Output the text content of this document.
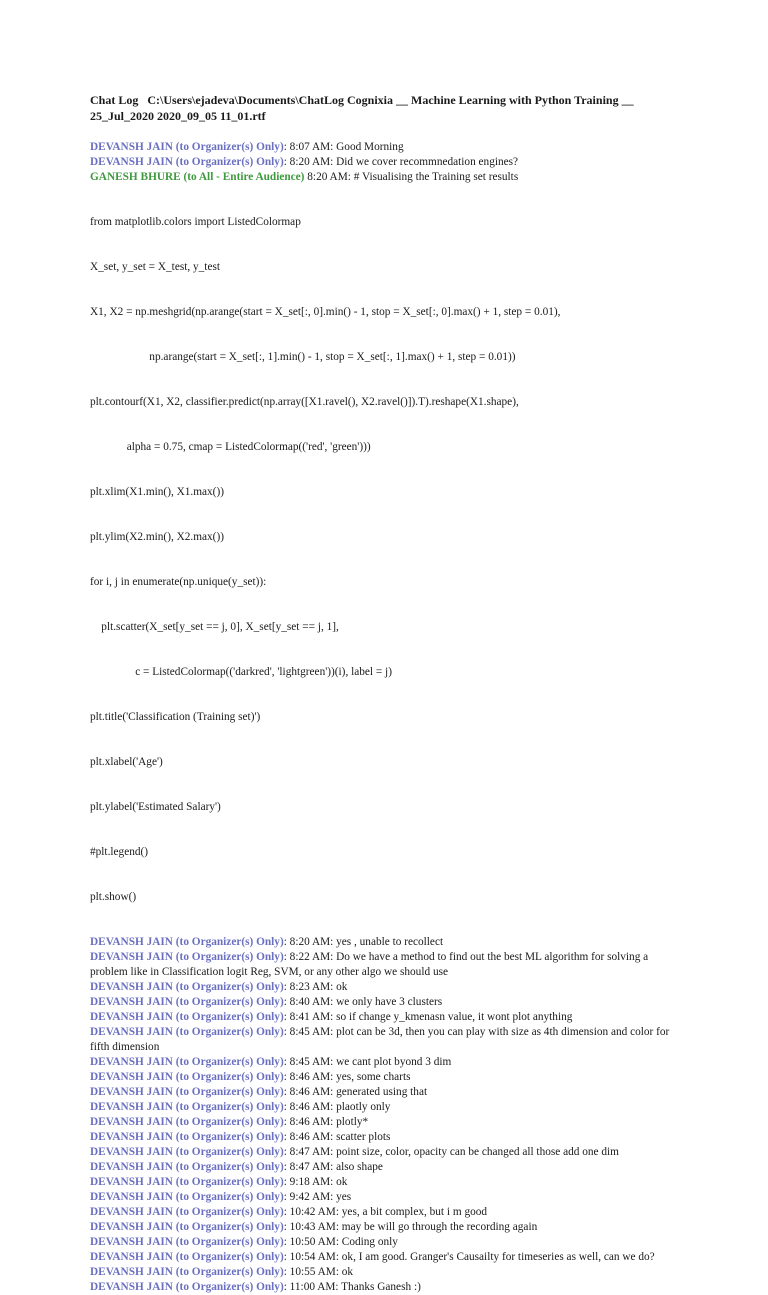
Chat Log   C:\Users\ejadeva\Documents\ChatLog Cognixia __ Machine Learning with Python Training __ 25_Jul_2020 2020_09_05 11_01.rtf

DEVANSH JAIN (to Organizer(s) Only): 8:07 AM: Good Morning

DEVANSH JAIN (to Organizer(s) Only): 8:20 AM: Did we cover recommnedation engines?

GANESH BHURE (to All - Entire Audience) 8:20 AM: # Visualising the Training set results

from matplotlib.colors import ListedColormap

X_set, y_set = X_test, y_test

X1, X2 = np.meshgrid(np.arange(start = X_set[:, 0].min() - 1, stop = X_set[:, 0].max() + 1, step = 0.01),

np.arange(start = X_set[:, 1].min() - 1, stop = X_set[:, 1].max() + 1, step = 0.01))

plt.contourf(X1, X2, classifier.predict(np.array([X1.ravel(), X2.ravel()]).T).reshape(X1.shape),

alpha = 0.75, cmap = ListedColormap(('red', 'green')))

plt.xlim(X1.min(), X1.max())

plt.ylim(X2.min(), X2.max())

for i, j in enumerate(np.unique(y_set)):

plt.scatter(X_set[y_set == j, 0], X_set[y_set == j, 1],

c = ListedColormap(('darkred', 'lightgreen'))(i), label = j)

plt.title('Classification (Training set)')

plt.xlabel('Age')

plt.ylabel('Estimated Salary')

#plt.legend()

plt.show()

DEVANSH JAIN (to Organizer(s) Only): 8:20 AM: yes , unable to recollect

DEVANSH JAIN (to Organizer(s) Only): 8:22 AM: Do we have a method to find out the best ML algorithm for solving a problem like in Classification logit Reg, SVM, or any other algo we should use

DEVANSH JAIN (to Organizer(s) Only): 8:23 AM: ok

DEVANSH JAIN (to Organizer(s) Only): 8:40 AM: we only have 3 clusters

DEVANSH JAIN (to Organizer(s) Only): 8:41 AM: so if change y_kmenasn value, it wont plot anything

DEVANSH JAIN (to Organizer(s) Only): 8:45 AM: plot can be 3d, then you can play with size as 4th dimension and color for fifth dimension

DEVANSH JAIN (to Organizer(s) Only): 8:45 AM: we cant plot byond 3 dim

DEVANSH JAIN (to Organizer(s) Only): 8:46 AM: yes, some charts

DEVANSH JAIN (to Organizer(s) Only): 8:46 AM: generated using that

DEVANSH JAIN (to Organizer(s) Only): 8:46 AM: plaotly only

DEVANSH JAIN (to Organizer(s) Only): 8:46 AM: plotly*

DEVANSH JAIN (to Organizer(s) Only): 8:46 AM: scatter plots

DEVANSH JAIN (to Organizer(s) Only): 8:47 AM: point size, color, opacity can be changed all those add one dim

DEVANSH JAIN (to Organizer(s) Only): 8:47 AM: also shape

DEVANSH JAIN (to Organizer(s) Only): 9:18 AM: ok

DEVANSH JAIN (to Organizer(s) Only): 9:42 AM: yes

DEVANSH JAIN (to Organizer(s) Only): 10:42 AM: yes, a bit complex, but i m good

DEVANSH JAIN (to Organizer(s) Only): 10:43 AM: may be will go through the recording again

DEVANSH JAIN (to Organizer(s) Only): 10:50 AM: Coding only

DEVANSH JAIN (to Organizer(s) Only): 10:54 AM: ok, I am good. Granger's Causailty for timeseries as well, can we do?

DEVANSH JAIN (to Organizer(s) Only): 10:55 AM: ok

DEVANSH JAIN (to Organizer(s) Only): 11:00 AM: Thanks Ganesh :)
